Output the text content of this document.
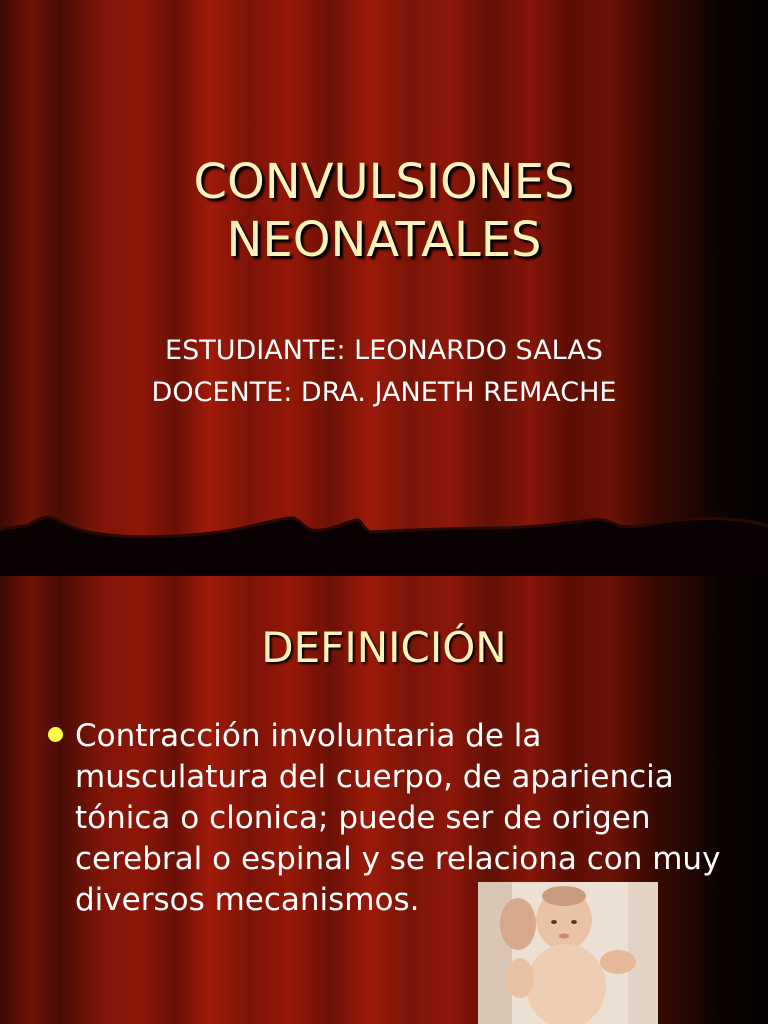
CONVULSIONES
NEONATALES
ESTUDIANTE: LEONARDO SALAS
DOCENTE: DRA. JANETH REMACHE
DEFINICIÓN
Contracción involuntaria de la musculatura del cuerpo, de apariencia tónica o clonica; puede ser de origen cerebral o espinal y se relaciona con muy diversos mecanismos.
